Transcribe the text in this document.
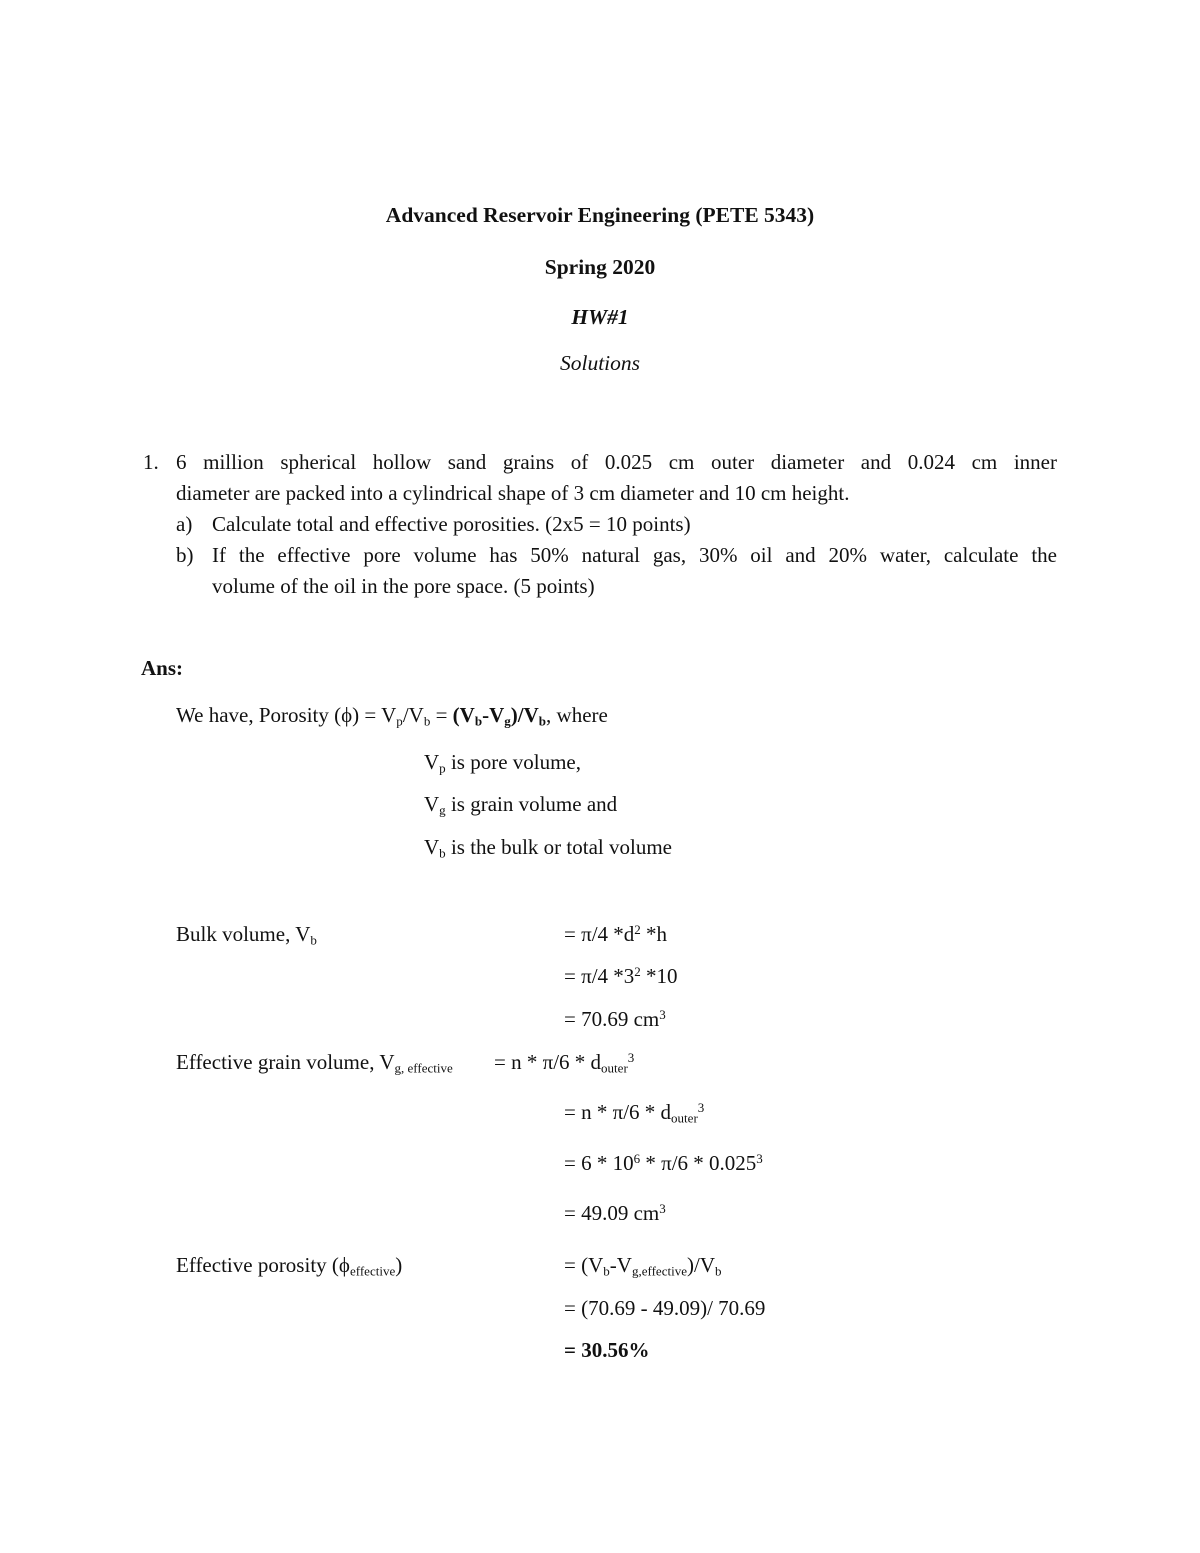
Advanced Reservoir Engineering (PETE 5343)
Spring 2020
HW#1
Solutions
1. 6 million spherical hollow sand grains of 0.025 cm outer diameter and 0.024 cm inner
diameter are packed into a cylindrical shape of 3 cm diameter and 10 cm height.
a) Calculate total and effective porosities. (2x5 = 10 points)
b) If the effective pore volume has 50% natural gas, 30% oil and 20% water, calculate the
volume of the oil in the pore space. (5 points)
Ans:
We have, Porosity $(\phi) = V_p/V_b = (V_b-V_g)/V_b$, where
$V_p$ is pore volume,
$V_g$ is grain volume and
$V_b$ is the bulk or total volume
Bulk volume, $V_b$	= π/4 $*d^2$ *h
= π/4 $*3^2$ *10
= 70.69 $cm^3$
Effective grain volume, $V_{g, effective} = n * \pi/6 * d_{outer}^3$
= n * $\pi/6 * d_{outer}^3$
= $6 * 10^6 * \pi/6 * 0.025^3$
= 49.09 $cm^3$
Effective porosity $(\phi_{effective})$	= $(V_b-V_{g,effective})/V_b$
= (70.69 - 49.09)/ 70.69
= 30.56%
